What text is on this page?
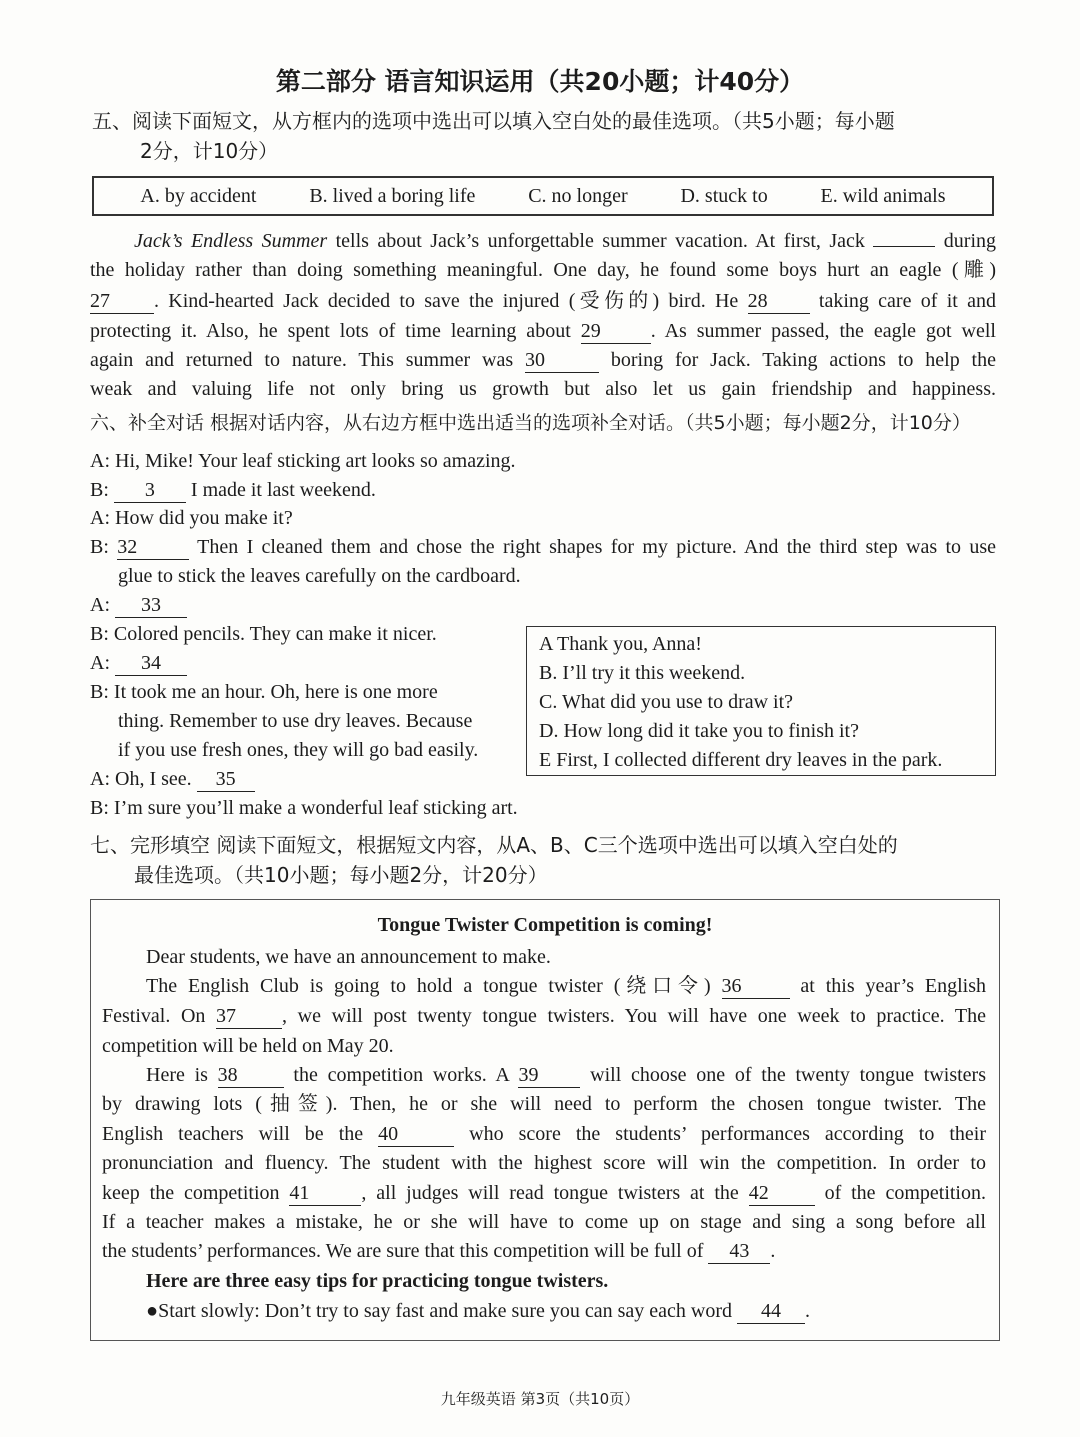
第二部分 语言知识运用（共20小题；计40分）
五、阅读下面短文，从方框内的选项中选出可以填入空白处的最佳选项。（共5小题；每小题
2分，计10分）
A. by accident	B. lived a boring life	C. no longer	D. stuck to	E. wild animals
Jack’s Endless Summer tells about Jack’s unforgettable summer vacation. At first, Jack	during
the holiday rather than doing something meaningful. One day, he found some boys hurt an eagle (雕)
27 . Kind-hearted Jack decided to save the injured (受伤的) bird. He 28 taking care of it and
protecting it. Also, he spent lots of time learning about 29	. As summer passed, the eagle got well
again and returned to nature. This summer was 30	boring for Jack. Taking actions to help the
weak and valuing life not only bring us growth but also let us gain friendship and happiness.
六、补全对话 根据对话内容，从右边方框中选出适当的选项补全对话。（共5小题；每小题2分，计10分）
A: Hi, Mike! Your leaf sticking art looks so amazing.
B: 3 I made it last weekend.
A: How did you make it?
B: 32	Then I cleaned them and chose the right shapes for my picture. And the third step was to use
glue to stick the leaves carefully on the cardboard.
A: 33
B: Colored pencils. They can make it nicer.
A: 34
B: It took me an hour. Oh, here is one more
thing. Remember to use dry leaves. Because
if you use fresh ones, they will go bad easily.
A: Oh, I see. 35
B: I’m sure you’ll make a wonderful leaf sticking art.
A Thank you, Anna!
B. I’ll try it this weekend.
C. What did you use to draw it?
D. How long did it take you to finish it?
E First, I collected different dry leaves in the park.
七、完形填空 阅读下面短文，根据短文内容，从A、B、C三个选项中选出可以填入空白处的
最佳选项。（共10小题；每小题2分，计20分）
Tongue Twister Competition is coming!
Dear students, we have an announcement to make.
The English Club is going to hold a tongue twister (绕口令) 36 at this year’s English
Festival. On 37 , we will post twenty tongue twisters. You will have one week to practice. The
competition will be held on May 20.
Here is 38 the competition works. A 39 will choose one of the twenty tongue twisters
by drawing lots (抽签). Then, he or she will need to perform the chosen tongue twister. The
English teachers will be the 40	who score the students’ performances according to their
pronunciation and fluency. The student with the highest score will win the competition. In order to
keep the competition 41	, all judges will read tongue twisters at the 42 of the competition.
If a teacher makes a mistake, he or she will have to come up on stage and sing a song before all
the students’ performances. We are sure that this competition will be full of 43 .
Here are three easy tips for practicing tongue twisters.
●Start slowly: Don’t try to say fast and make sure you can say each word 44 .
九年级英语 第3页（共10页）
